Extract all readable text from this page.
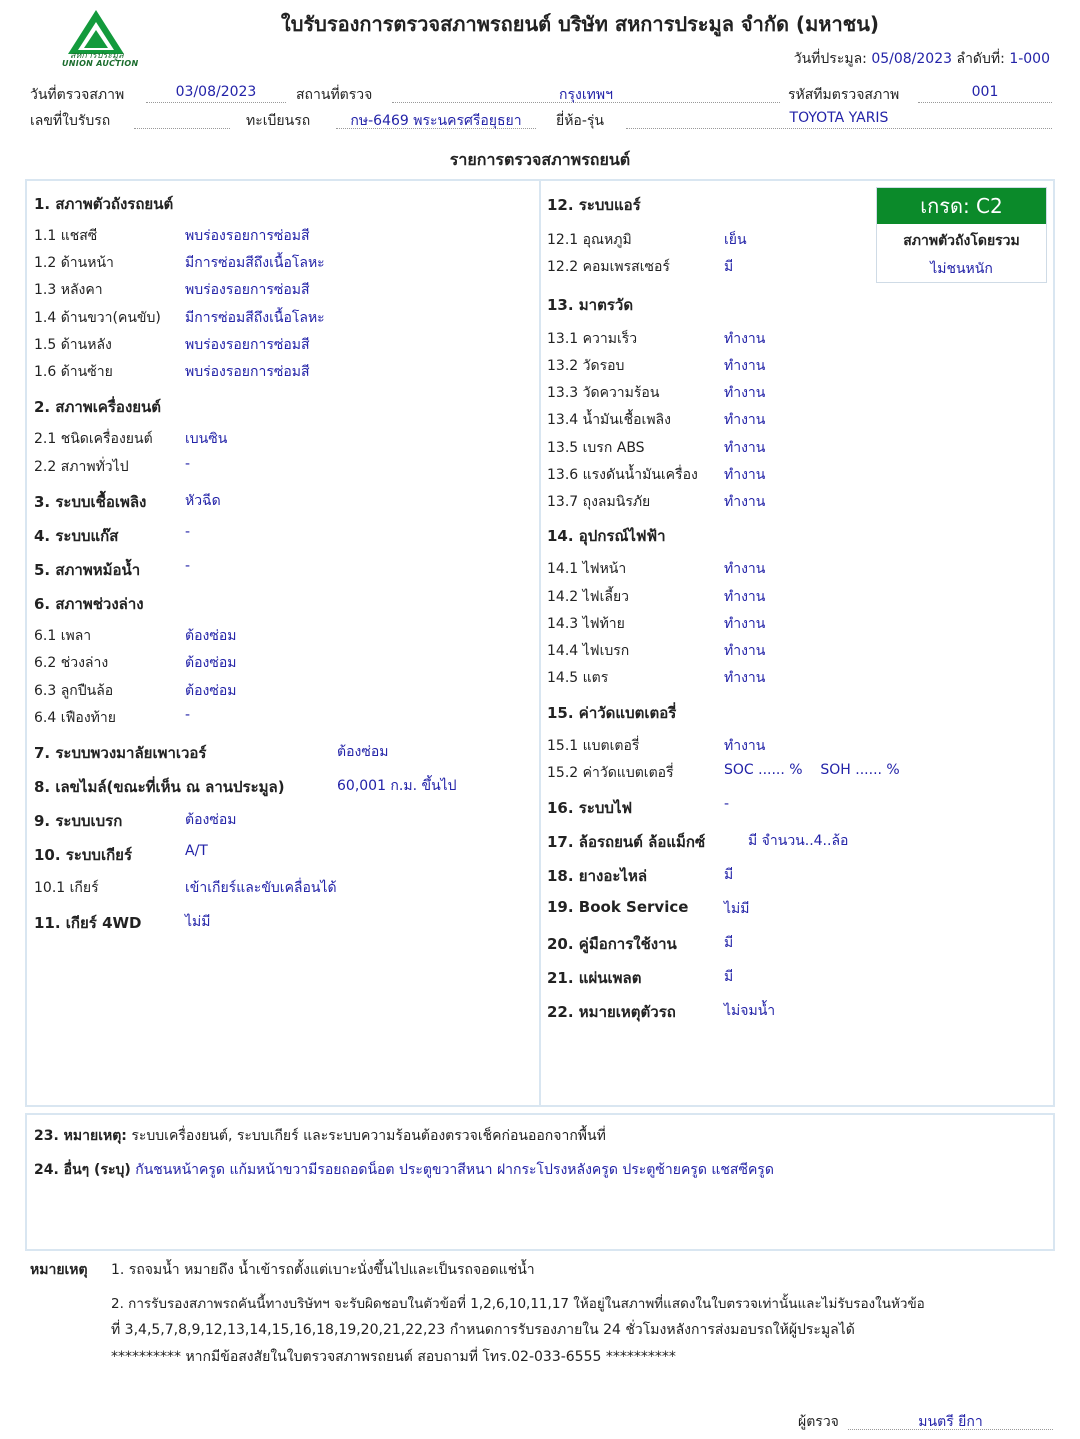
สหการประมูล
UNION AUCTION
ใบรับรองการตรวจสภาพรถยนต์ บริษัท สหการประมูล จำกัด (มหาชน)
วันที่ประมูล: 05/08/2023 ลำดับที่: 1-000
วันที่ตรวจสภาพ	03/08/2023	สถานที่ตรวจ	กรุงเทพฯ	รหัสทีมตรวจสภาพ	001
เลขที่ใบรับรถ	ทะเบียนรถ	กษ-6469 พระนครศรีอยุธยา	ยี่ห้อ-รุ่น	TOYOTA YARIS
รายการตรวจสภาพรถยนต์
เกรด: C2
สภาพตัวถังโดยรวม
ไม่ชนหนัก
1. สภาพตัวถังรถยนต์
1.1 แชสซี	พบร่องรอยการซ่อมสี
1.2 ด้านหน้า	มีการซ่อมสีถึงเนื้อโลหะ
1.3 หลังคา	พบร่องรอยการซ่อมสี
1.4 ด้านขวา(คนขับ) มีการซ่อมสีถึงเนื้อโลหะ
1.5 ด้านหลัง	พบร่องรอยการซ่อมสี
1.6 ด้านซ้าย	พบร่องรอยการซ่อมสี
2. สภาพเครื่องยนต์
2.1 ชนิดเครื่องยนต์ เบนซิน
2.2 สภาพทั่วไป	-
3. ระบบเชื้อเพลิง	หัวฉีด
4. ระบบแก๊ส	-
5. สภาพหม้อน้ำ	-
6. สภาพช่วงล่าง
6.1 เพลา	ต้องซ่อม
6.2 ช่วงล่าง	ต้องซ่อม
6.3 ลูกปืนล้อ	ต้องซ่อม
6.4 เฟืองท้าย	-
7. ระบบพวงมาลัยเพาเวอร์	ต้องซ่อม
8. เลขไมล์(ขณะที่เห็น ณ ลานประมูล)	60,001 ก.ม. ขึ้นไป
9. ระบบเบรก	ต้องซ่อม
10. ระบบเกียร์	A/T
10.1 เกียร์	เข้าเกียร์และขับเคลื่อนได้
11. เกียร์ 4WD	ไม่มี
12. ระบบแอร์
12.1 อุณหภูมิ	เย็น
12.2 คอมเพรสเซอร์	มี
13. มาตรวัด
13.1 ความเร็ว	ทำงาน
13.2 วัดรอบ	ทำงาน
13.3 วัดความร้อน	ทำงาน
13.4 น้ำมันเชื้อเพลิง	ทำงาน
13.5 เบรก ABS	ทำงาน
13.6 แรงดันน้ำมันเครื่อง ทำงาน
13.7 ถุงลมนิรภัย	ทำงาน
14. อุปกรณ์ไฟฟ้า
14.1 ไฟหน้า	ทำงาน
14.2 ไฟเลี้ยว	ทำงาน
14.3 ไฟท้าย	ทำงาน
14.4 ไฟเบรก	ทำงาน
14.5 แตร	ทำงาน
15. ค่าวัดแบตเตอรี่
15.1 แบตเตอรี่	ทำงาน
15.2 ค่าวัดแบตเตอรี่	SOC ...... %    SOH ...... %
16. ระบบไฟ	-
17. ล้อรถยนต์ ล้อแม็กซ์	มี จำนวน..4..ล้อ
18. ยางอะไหล่	มี
19. Book Service	ไม่มี
20. คู่มือการใช้งาน	มี
21. แผ่นเพลต	มี
22. หมายเหตุตัวรถ	ไม่จมน้ำ
23. หมายเหตุ: ระบบเครื่องยนต์, ระบบเกียร์ และระบบความร้อนต้องตรวจเช็คก่อนออกจากพื้นที่
24. อื่นๆ (ระบุ) กันชนหน้าครูด แก้มหน้าขวามีรอยถอดน็อต ประตูขวาสีหนา ฝากระโปรงหลังครูด ประตูซ้ายครูด แชสซีครูด
หมายเหตุ 1. รถจมน้ำ หมายถึง น้ำเข้ารถตั้งแต่เบาะนั่งขึ้นไปและเป็นรถจอดแช่น้ำ
2. การรับรองสภาพรถคันนี้ทางบริษัทฯ จะรับผิดชอบในตัวข้อที่ 1,2,6,10,11,17 ให้อยู่ในสภาพที่แสดงในใบตรวจเท่านั้นและไม่รับรองในหัวข้อ
ที่ 3,4,5,7,8,9,12,13,14,15,16,18,19,20,21,22,23 กำหนดการรับรองภายใน 24 ชั่วโมงหลังการส่งมอบรถให้ผู้ประมูลได้
********** หากมีข้อสงสัยในใบตรวจสภาพรถยนต์ สอบถามที่ โทร.02-033-6555 **********
ผู้ตรวจ	มนตรี ยีกา
